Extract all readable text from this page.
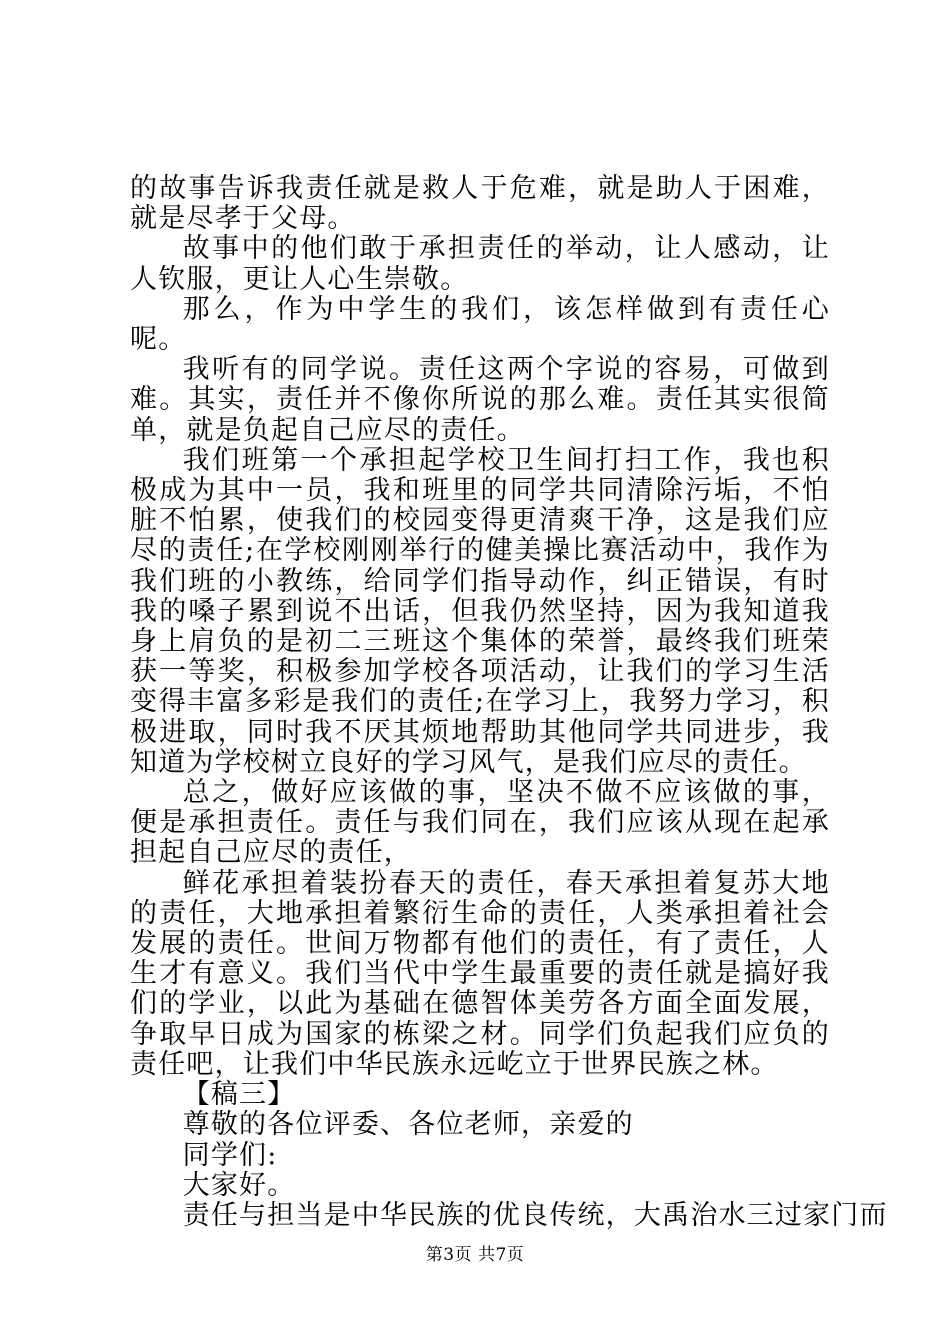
的故事告诉我责任就是救人于危难，就是助人于困难，就是尽孝于父母。

故事中的他们敢于承担责任的举动，让人感动，让人钦服，更让人心生崇敬。

那么，作为中学生的我们，该怎样做到有责任心呢。

我听有的同学说。责任这两个字说的容易，可做到难。其实，责任并不像你所说的那么难。责任其实很简单，就是负起自己应尽的责任。

我们班第一个承担起学校卫生间打扫工作，我也积极成为其中一员，我和班里的同学共同清除污垢，不怕脏不怕累，使我们的校园变得更清爽干净，这是我们应尽的责任;在学校刚刚举行的健美操比赛活动中，我作为我们班的小教练，给同学们指导动作，纠正错误，有时我的嗓子累到说不出话，但我仍然坚持，因为我知道我身上肩负的是初二三班这个集体的荣誉，最终我们班荣获一等奖，积极参加学校各项活动，让我们的学习生活变得丰富多彩是我们的责任;在学习上，我努力学习，积极进取，同时我不厌其烦地帮助其他同学共同进步，我知道为学校树立良好的学习风气，是我们应尽的责任。

总之，做好应该做的事，坚决不做不应该做的事，便是承担责任。责任与我们同在，我们应该从现在起承担起自己应尽的责任，

鲜花承担着装扮春天的责任，春天承担着复苏大地的责任，大地承担着繁衍生命的责任，人类承担着社会发展的责任。世间万物都有他们的责任，有了责任，人生才有意义。我们当代中学生最重要的责任就是搞好我们的学业，以此为基础在德智体美劳各方面全面发展，争取早日成为国家的栋梁之材。同学们负起我们应负的责任吧，让我们中华民族永远屹立于世界民族之林。

【稿三】

尊敬的各位评委、各位老师，亲爱的

同学们:

大家好。

责任与担当是中华民族的优良传统，大禹治水三过家门而

第3页 共7页
